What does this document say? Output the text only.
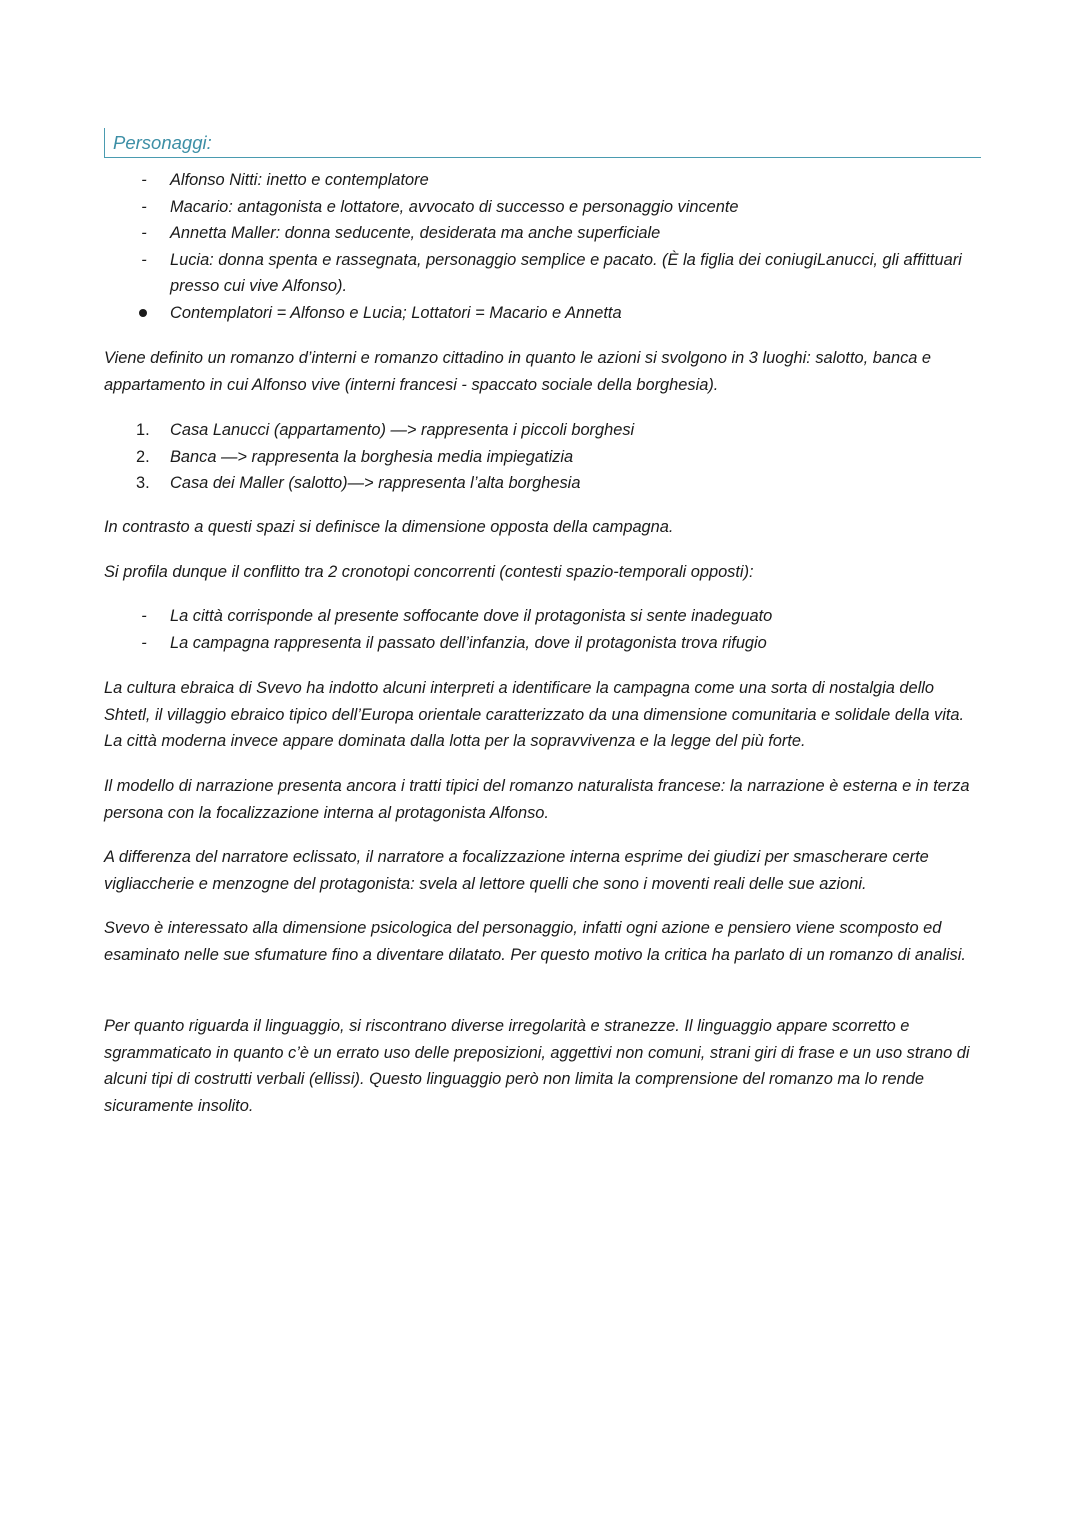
Personaggi:
-	Alfonso Nitti: inetto e contemplatore
-	Macario: antagonista e lottatore, avvocato di successo e personaggio vincente
-	Annetta Maller: donna seducente, desiderata ma anche superficiale
-	Lucia: donna spenta e rassegnata, personaggio semplice e pacato. (È la figlia dei coniugiLanucci, gli affittuari presso cui vive Alfonso).
Contemplatori = Alfonso e Lucia; Lottatori = Macario e Annetta

Viene definito un romanzo d’interni e romanzo cittadino in quanto le azioni si svolgono in 3 luoghi: salotto, banca e appartamento in cui Alfonso vive (interni francesi - spaccato sociale della borghesia).

1. Casa Lanucci (appartamento) —> rappresenta i piccoli borghesi
2. Banca —> rappresenta la borghesia media impiegatizia
3. Casa dei Maller (salotto)—> rappresenta l’alta borghesia

In contrasto a questi spazi si definisce la dimensione opposta della campagna.

Si profila dunque il conflitto tra 2 cronotopi concorrenti (contesti spazio-temporali opposti):

-	La città corrisponde al presente soffocante dove il protagonista si sente inadeguato
-	La campagna rappresenta il passato dell’infanzia, dove il protagonista trova rifugio

La cultura ebraica di Svevo ha indotto alcuni interpreti a identificare la campagna come una sorta di nostalgia dello Shtetl, il villaggio ebraico tipico dell’Europa orientale caratterizzato da una dimensione comunitaria e solidale della vita. La città moderna invece appare dominata dalla lotta per la sopravvivenza e la legge del più forte.

Il modello di narrazione presenta ancora i tratti tipici del romanzo naturalista francese: la narrazione è esterna e in terza persona con la focalizzazione interna al protagonista Alfonso.

A differenza del narratore eclissato, il narratore a focalizzazione interna esprime dei giudizi per smascherare certe vigliaccherie e menzogne del protagonista: svela al lettore quelli che sono i moventi reali delle sue azioni.

Svevo è interessato alla dimensione psicologica del personaggio, infatti ogni azione e pensiero viene scomposto ed esaminato nelle sue sfumature fino a diventare dilatato. Per questo motivo la critica ha parlato di un romanzo di analisi.

Per quanto riguarda il linguaggio, si riscontrano diverse irregolarità e stranezze. Il linguaggio appare scorretto e sgrammaticato in quanto c’è un errato uso delle preposizioni, aggettivi non comuni, strani giri di frase e un uso strano di alcuni tipi di costrutti verbali (ellissi). Questo linguaggio però non limita la comprensione del romanzo ma lo rende sicuramente insolito.
